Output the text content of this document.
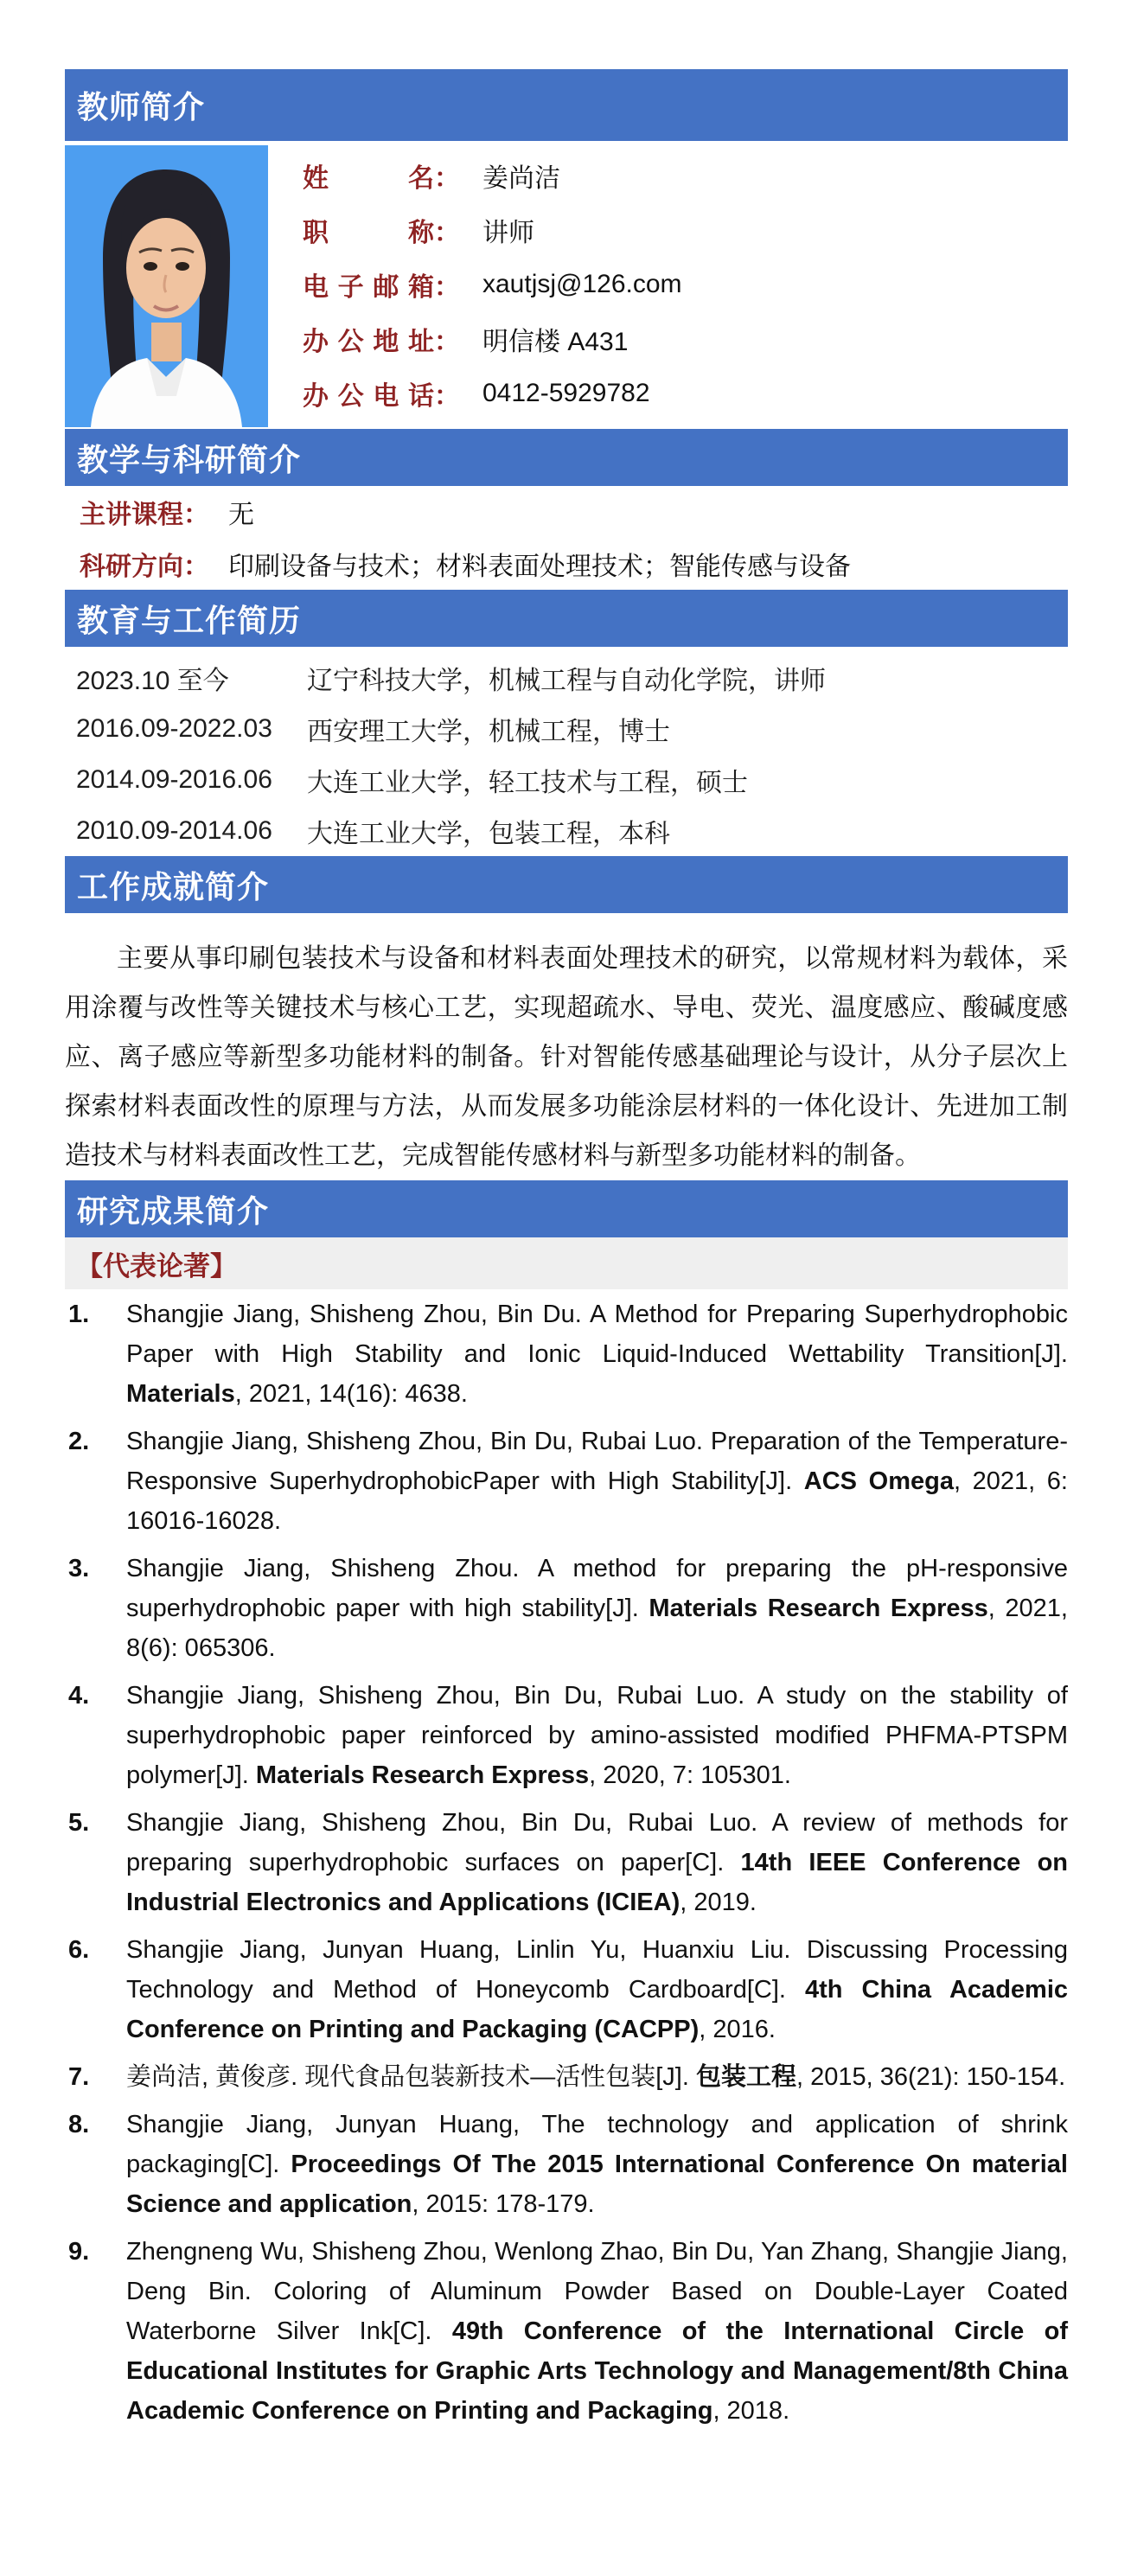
教师简介
姓名 ： 姜尚洁
职称 ： 讲师
电子邮箱 ： xautjsj@126.com
办公地址 ： 明信楼 A431
办公电话 ： 0412-5929782
教学与科研简介
主讲课程： 无
科研方向： 印刷设备与技术；材料表面处理技术；智能传感与设备
教育与工作简历
2023.10 至今	辽宁科技大学，机械工程与自动化学院，讲师
2016.09-2022.03	西安理工大学，机械工程，博士
2014.09-2016.06	大连工业大学，轻工技术与工程，硕士
2010.09-2014.06	大连工业大学，包装工程，本科
工作成就简介

主要从事印刷包装技术与设备和材料表面处理技术的研究，以常规材料为载体，采用涂覆与改性等关键技术与核心工艺，实现超疏水、导电、荧光、温度感应、酸碱度感应、离子感应等新型多功能材料的制备。针对智能传感基础理论与设计，从分子层次上探索材料表面改性的原理与方法，从而发展多功能涂层材料的一体化设计、先进加工制造技术与材料表面改性工艺，完成智能传感材料与新型多功能材料的制备。

研究成果简介
【代表论著】
1.	Shangjie Jiang, Shisheng Zhou, Bin Du. A Method for Preparing Superhydrophobic Paper with High Stability and Ionic Liquid-Induced Wettability Transition[J]. Materials, 2021, 14(16): 4638.
2.	Shangjie Jiang, Shisheng Zhou, Bin Du, Rubai Luo. Preparation of the Temperature-Responsive SuperhydrophobicPaper with High Stability[J]. ACS Omega, 2021, 6: 16016-16028.
3.	Shangjie Jiang, Shisheng Zhou. A method for preparing the pH-responsive superhydrophobic paper with high stability[J]. Materials Research Express, 2021, 8(6): 065306.
4.	Shangjie Jiang, Shisheng Zhou, Bin Du, Rubai Luo. A study on the stability of superhydrophobic paper reinforced by amino-assisted modified PHFMA-PTSPM polymer[J]. Materials Research Express, 2020, 7: 105301.
5.	Shangjie Jiang, Shisheng Zhou, Bin Du, Rubai Luo. A review of methods for preparing superhydrophobic surfaces on paper[C]. 14th IEEE Conference on Industrial Electronics and Applications (ICIEA), 2019.
6.	Shangjie Jiang, Junyan Huang, Linlin Yu, Huanxiu Liu. Discussing Processing Technology and Method of Honeycomb Cardboard[C]. 4th China Academic Conference on Printing and Packaging (CACPP), 2016.
7.	姜尚洁, 黄俊彦. 现代食品包装新技术—活性包装[J]. 包装工程, 2015, 36(21): 150-154.
8.	Shangjie Jiang, Junyan Huang, The technology and application of shrink packaging[C]. Proceedings Of The 2015 International Conference On material Science and application, 2015: 178-179.
9.	Zhengneng Wu, Shisheng Zhou, Wenlong Zhao, Bin Du, Yan Zhang, Shangjie Jiang, Deng Bin. Coloring of Aluminum Powder Based on Double-Layer Coated Waterborne Silver Ink[C]. 49th Conference of the International Circle of Educational Institutes for Graphic Arts Technology and Management/8th China Academic Conference on Printing and Packaging, 2018.
